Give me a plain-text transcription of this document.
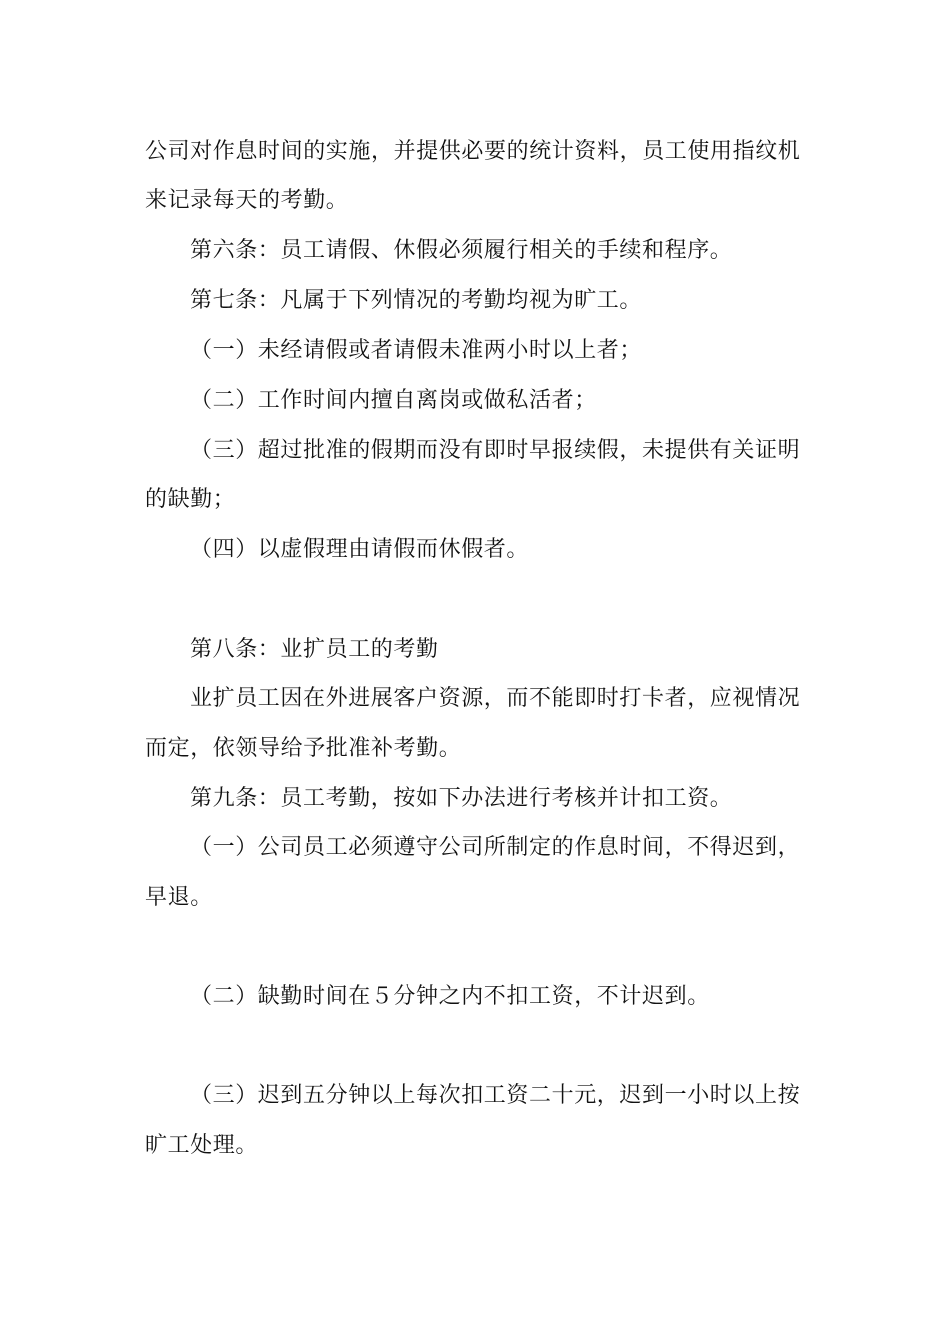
公司对作息时间的实施，并提供必要的统计资料，员工使用指纹机
来记录每天的考勤。
第六条：员工请假、休假必须履行相关的手续和程序。
第七条：凡属于下列情况的考勤均视为旷工。
（一）未经请假或者请假未准两小时以上者；
（二）工作时间内擅自离岗或做私活者；
（三）超过批准的假期而没有即时早报续假，未提供有关证明
的缺勤；
（四）以虚假理由请假而休假者。
第八条：业扩员工的考勤
业扩员工因在外进展客户资源，而不能即时打卡者，应视情况
而定，依领导给予批准补考勤。
第九条：员工考勤，按如下办法进行考核并计扣工资。
（一）公司员工必须遵守公司所制定的作息时间，不得迟到，
早退。
（二）缺勤时间在５分钟之内不扣工资，不计迟到。
（三）迟到五分钟以上每次扣工资二十元，迟到一小时以上按
旷工处理。
